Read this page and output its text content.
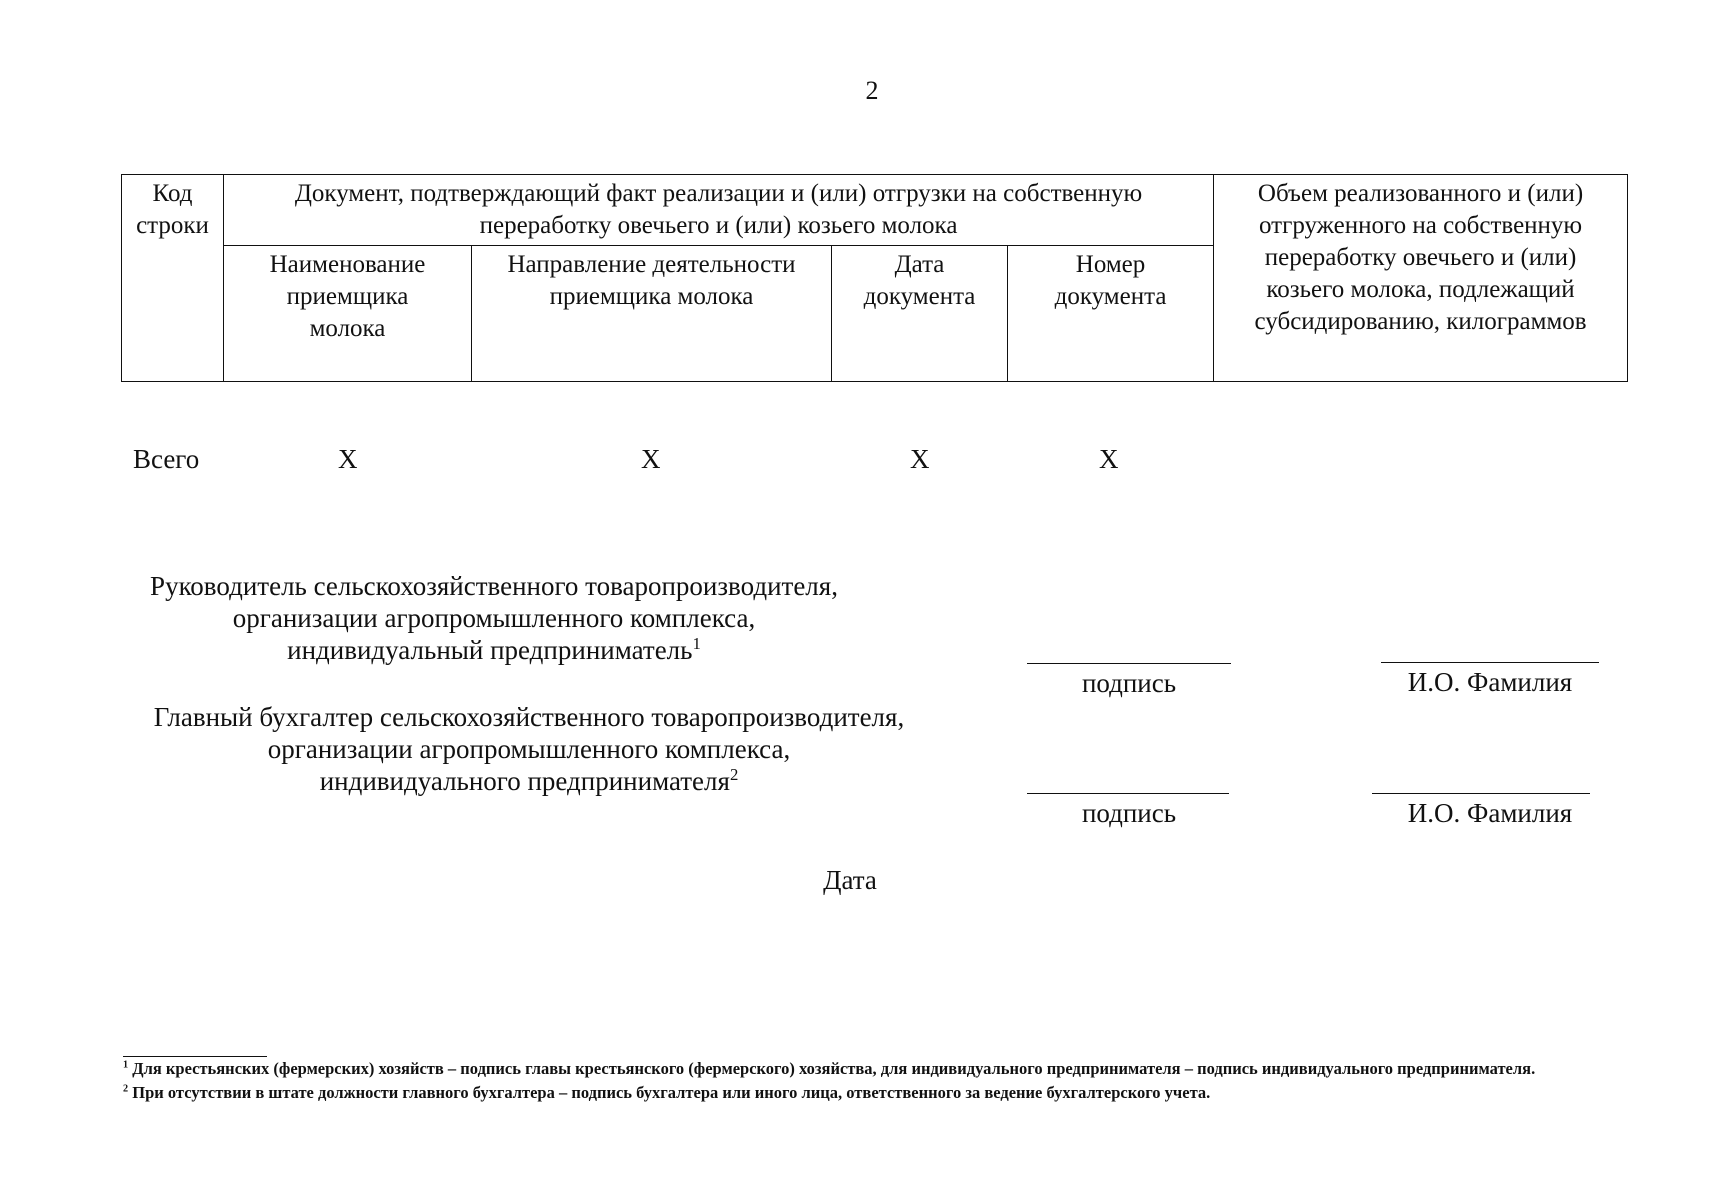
2
Код строки	Документ, подтверждающий факт реализации и (или) отгрузки на собственную переработку овечьего и (или) козьего молока				Объем реализованного и (или) отгруженного на собственную переработку овечьего и (или) козьего молока, подлежащий субсидированию, килограммов
	Наименование приемщика молока	Направление деятельности приемщика молока	Дата документа	Номер документа	
Всего	X	X	X	X
Руководитель сельскохозяйственного товаропроизводителя,
организации агропромышленного комплекса,
индивидуальный предприниматель$^1$
подпись	И.О. Фамилия
Главный бухгалтер сельскохозяйственного товаропроизводителя,
организации агропромышленного комплекса,
индивидуального предпринимателя$^2$
подпись	И.О. Фамилия
Дата

$^1$ Для крестьянских (фермерских) хозяйств – подпись главы крестьянского (фермерского) хозяйства, для индивидуального предпринимателя – подпись индивидуального предпринимателя.

$^2$ При отсутствии в штате должности главного бухгалтера – подпись бухгалтера или иного лица, ответственного за ведение бухгалтерского учета.
